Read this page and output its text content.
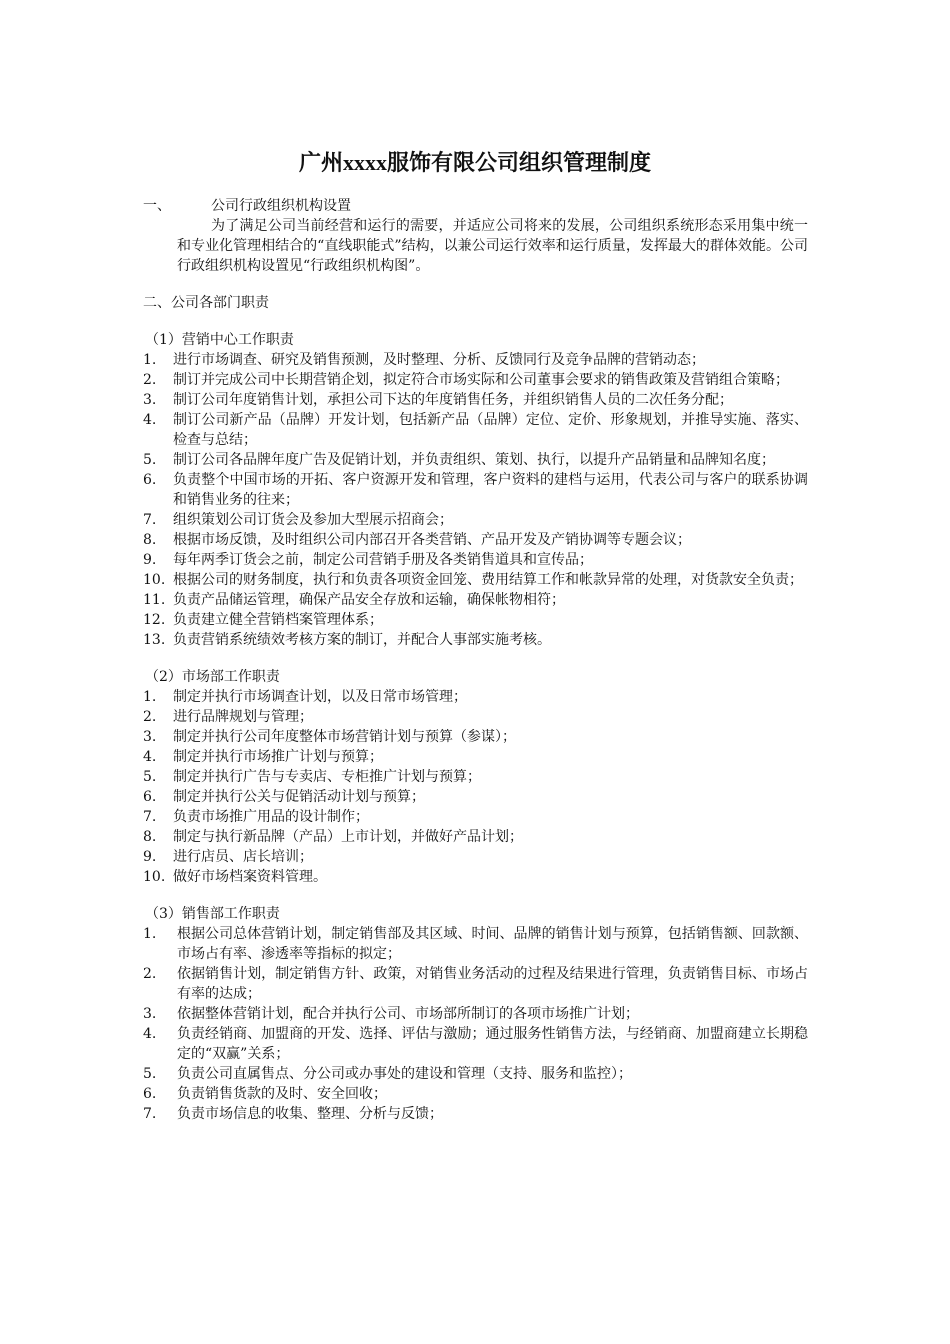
广州xxxx服饰有限公司组织管理制度

一、	公司行政组织机构设置

为了满足公司当前经营和运行的需要，并适应公司将来的发展，公司组织系统形态采用集中统一和专业化管理相结合的“直线职能式”结构，以兼公司运行效率和运行质量，发挥最大的群体效能。公司行政组织机构设置见“行政组织机构图”。

二、公司各部门职责

（1）营销中心工作职责

1. 进行市场调查、研究及销售预测，及时整理、分析、反馈同行及竞争品牌的营销动态；

2. 制订并完成公司中长期营销企划，拟定符合市场实际和公司董事会要求的销售政策及营销组合策略；

3. 制订公司年度销售计划，承担公司下达的年度销售任务，并组织销售人员的二次任务分配；

4. 制订公司新产品（品牌）开发计划，包括新产品（品牌）定位、定价、形象规划，并推导实施、落实、检查与总结；

5. 制订公司各品牌年度广告及促销计划，并负责组织、策划、执行，以提升产品销量和品牌知名度；

6. 负责整个中国市场的开拓、客户资源开发和管理，客户资料的建档与运用，代表公司与客户的联系协调和销售业务的往来；

7. 组织策划公司订货会及参加大型展示招商会；

8. 根据市场反馈，及时组织公司内部召开各类营销、产品开发及产销协调等专题会议；

9. 每年两季订货会之前，制定公司营销手册及各类销售道具和宣传品；

10. 根据公司的财务制度，执行和负责各项资金回笼、费用结算工作和帐款异常的处理，对货款安全负责；

11. 负责产品储运管理，确保产品安全存放和运输，确保帐物相符；

12. 负责建立健全营销档案管理体系；

13. 负责营销系统绩效考核方案的制订，并配合人事部实施考核。

（2）市场部工作职责

1. 制定并执行市场调查计划，以及日常市场管理；

2. 进行品牌规划与管理；

3. 制定并执行公司年度整体市场营销计划与预算（参谋）；

4. 制定并执行市场推广计划与预算；

5. 制定并执行广告与专卖店、专柜推广计划与预算；

6. 制定并执行公关与促销活动计划与预算；

7. 负责市场推广用品的设计制作；

8. 制定与执行新品牌（产品）上市计划，并做好产品计划；

9. 进行店员、店长培训；

10. 做好市场档案资料管理。

（3）销售部工作职责

1. 根据公司总体营销计划，制定销售部及其区域、时间、品牌的销售计划与预算，包括销售额、回款额、市场占有率、渗透率等指标的拟定；

2. 依据销售计划，制定销售方针、政策，对销售业务活动的过程及结果进行管理，负责销售目标、市场占有率的达成；

3. 依据整体营销计划，配合并执行公司、市场部所制订的各项市场推广计划；

4. 负责经销商、加盟商的开发、选择、评估与激励；通过服务性销售方法，与经销商、加盟商建立长期稳定的“双赢”关系；

5. 负责公司直属售点、分公司或办事处的建设和管理（支持、服务和监控）；

6. 负责销售货款的及时、安全回收；

7. 负责市场信息的收集、整理、分析与反馈；
